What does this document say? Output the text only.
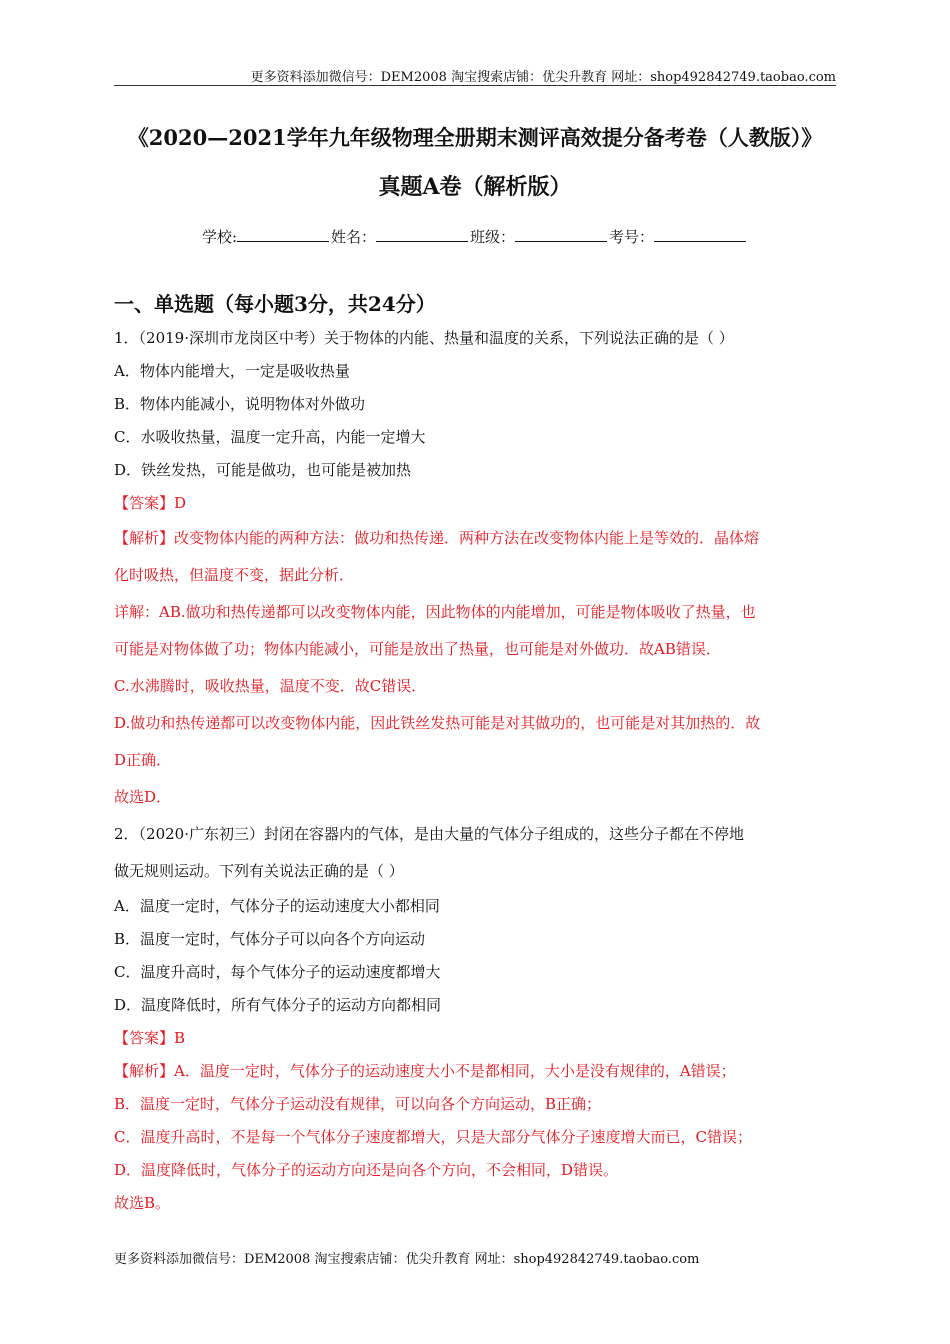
更多资料添加微信号：DEM2008 淘宝搜索店铺：优尖升教育 网址：shop492842749.taobao.com
《2020—2021学年九年级物理全册期末测评高效提分备考卷（人教版）》
真题A卷（解析版）
学校:	姓名：	班级：	考号：
一、单选题（每小题3分，共24分）
1．（2019·深圳市龙岗区中考）关于物体的内能、热量和温度的关系，下列说法正确的是（ ）
A．物体内能增大，一定是吸收热量
B．物体内能减小，说明物体对外做功
C．水吸收热量，温度一定升高，内能一定增大
D．铁丝发热，可能是做功，也可能是被加热
【答案】D
【解析】改变物体内能的两种方法：做功和热传递．两种方法在改变物体内能上是等效的．晶体熔
化时吸热，但温度不变，据此分析．
详解：AB.做功和热传递都可以改变物体内能，因此物体的内能增加，可能是物体吸收了热量，也
可能是对物体做了功；物体内能减小，可能是放出了热量，也可能是对外做功．故AB错误．
C.水沸腾时，吸收热量，温度不变．故C错误．
D.做功和热传递都可以改变物体内能，因此铁丝发热可能是对其做功的，也可能是对其加热的．故
D正确．
故选D．
2．（2020·广东初三）封闭在容器内的气体，是由大量的气体分子组成的，这些分子都在不停地
做无规则运动。下列有关说法正确的是（ ）
A．温度一定时，气体分子的运动速度大小都相同
B．温度一定时，气体分子可以向各个方向运动
C．温度升高时，每个气体分子的运动速度都增大
D．温度降低时，所有气体分子的运动方向都相同
【答案】B
【解析】A．温度一定时，气体分子的运动速度大小不是都相同，大小是没有规律的，A错误；
B．温度一定时，气体分子运动没有规律，可以向各个方向运动，B正确；
C．温度升高时，不是每一个气体分子速度都增大，只是大部分气体分子速度增大而已，C错误；
D．温度降低时，气体分子的运动方向还是向各个方向，不会相同，D错误。
故选B。
更多资料添加微信号：DEM2008 淘宝搜索店铺：优尖升教育 网址：shop492842749.taobao.com
